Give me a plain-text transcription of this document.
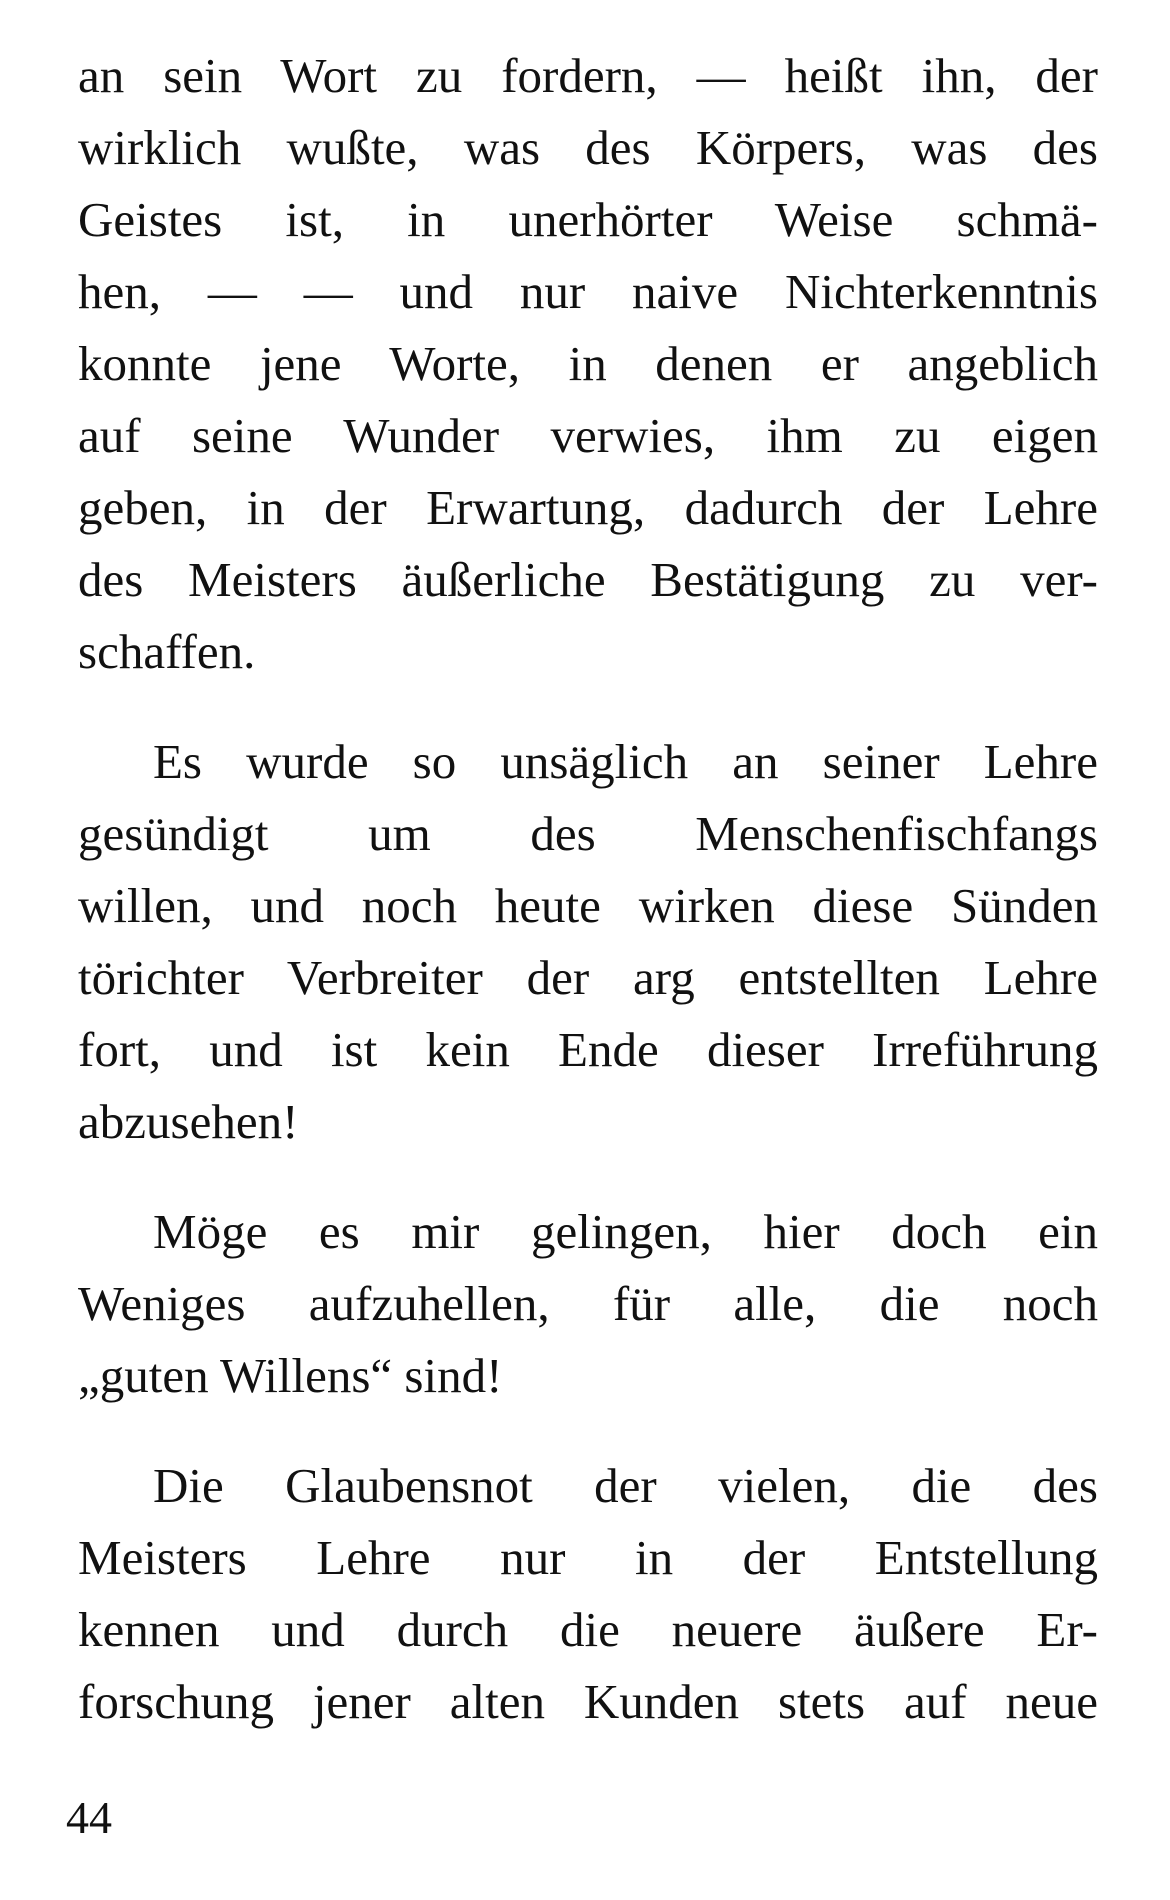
an sein Wort zu fordern, — heißt ihn, der
wirklich wußte, was des Körpers, was des
Geistes ist, in unerhörter Weise schmä-
hen, — — und nur naive Nichterkenntnis
konnte jene Worte, in denen er angeblich
auf seine Wunder verwies, ihm zu eigen
geben, in der Erwartung, dadurch der Lehre
des Meisters äußerliche Bestätigung zu ver-
schaffen.
Es wurde so unsäglich an seiner Lehre
gesündigt um des Menschenfischfangs
willen, und noch heute wirken diese Sünden
törichter Verbreiter der arg entstellten Lehre
fort, und ist kein Ende dieser Irreführung
abzusehen!
Möge es mir gelingen, hier doch ein
Weniges aufzuhellen, für alle, die noch
„guten Willens“ sind!
Die Glaubensnot der vielen, die des
Meisters Lehre nur in der Entstellung
kennen und durch die neuere äußere Er-
forschung jener alten Kunden stets auf neue
44
